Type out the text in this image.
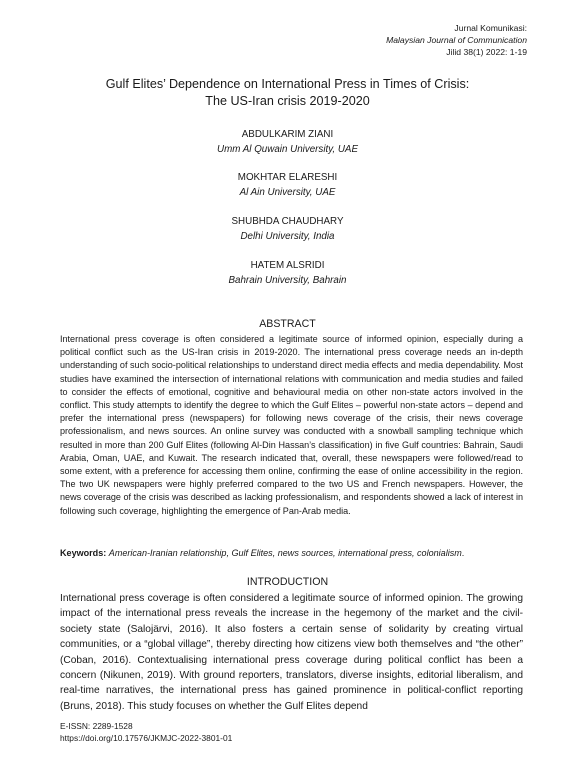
Jurnal Komunikasi:
Malaysian Journal of Communication
Jilid 38(1) 2022: 1-19
Gulf Elites’ Dependence on International Press in Times of Crisis:
The US-Iran crisis 2019-2020
ABDULKARIM ZIANI
Umm Al Quwain University, UAE
MOKHTAR ELARESHI
Al Ain University, UAE
SHUBHDA CHAUDHARY
Delhi University, India
HATEM ALSRIDI
Bahrain University, Bahrain
ABSTRACT

International press coverage is often considered a legitimate source of informed opinion, especially during a political conflict such as the US-Iran crisis in 2019-2020. The international press coverage needs an in-depth understanding of such socio-political relationships to understand direct media effects and media dependability. Most studies have examined the intersection of international relations with communication and media studies and failed to consider the effects of emotional, cognitive and behavioural media on other non-state actors involved in the conflict. This study attempts to identify the degree to which the Gulf Elites – powerful non-state actors – depend and prefer the international press (newspapers) for following news coverage of the crisis, their news coverage professionalism, and news sources. An online survey was conducted with a snowball sampling technique which resulted in more than 200 Gulf Elites (following Al-Din Hassan’s classification) in five Gulf countries: Bahrain, Saudi Arabia, Oman, UAE, and Kuwait. The research indicated that, overall, these newspapers were followed/read to some extent, with a preference for accessing them online, confirming the ease of online accessibility in the region. The two UK newspapers were highly preferred compared to the two US and French newspapers. However, the news coverage of the crisis was described as lacking professionalism, and respondents showed a lack of interest in following such coverage, highlighting the emergence of Pan-Arab media.

Keywords: American-Iranian relationship, Gulf Elites, news sources, international press, colonialism.

INTRODUCTION

International press coverage is often considered a legitimate source of informed opinion. The growing impact of the international press reveals the increase in the hegemony of the market and the civil-society state (Salojärvi, 2016). It also fosters a certain sense of solidarity by creating virtual communities, or a “global village”, thereby directing how citizens view both themselves and “the other” (Coban, 2016). Contextualising international press coverage during political conflict has been a concern (Nikunen, 2019). With ground reporters, translators, diverse insights, editorial liberalism, and real-time narratives, the international press has gained prominence in political-conflict reporting (Bruns, 2018). This study focuses on whether the Gulf Elites depend

E-ISSN: 2289-1528
https://doi.org/10.17576/JKMJC-2022-3801-01
